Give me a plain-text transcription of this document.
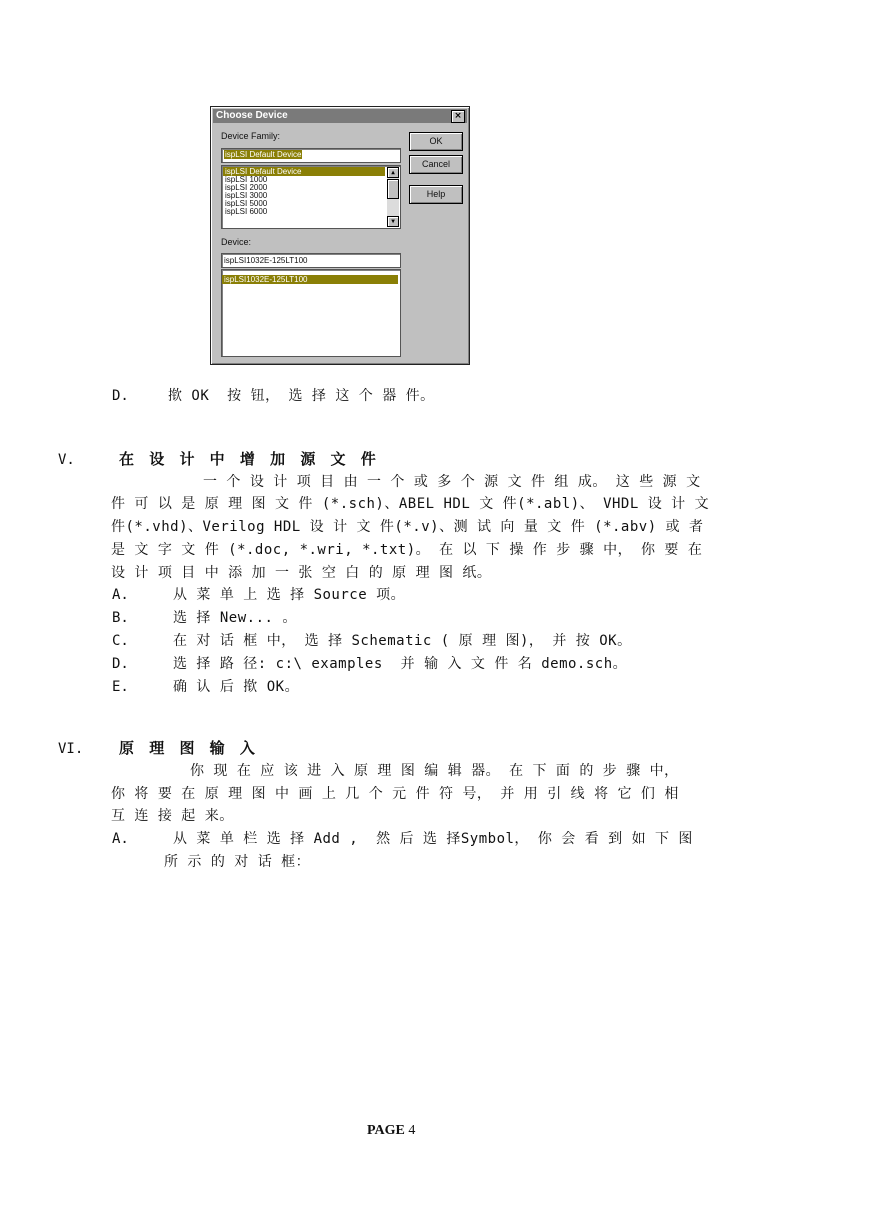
Choose Device	×
Device Family:
ispLSI Default Device
ispLSI Default Device
ispLSI 1000
ispLSI 2000
ispLSI 3000
ispLSI 5000
ispLSI 6000
▲
▼
Device:
ispLSI1032E-125LT100
ispLSI1032E-125LT100
OK
Cancel
Help
D.	揿 OK  按 钮， 选 择 这 个 器 件。
V.	在 设 计 中 增 加 源 文 件
一 个 设 计 项 目 由 一 个 或 多 个 源 文 件 组 成。 这 些 源 文
件 可 以 是 原 理 图 文 件 (*.sch)、ABEL HDL 文 件(*.abl)、 VHDL 设 计 文
件(*.vhd)、Verilog HDL 设 计 文 件(*.v)、测 试 向 量 文 件 (*.abv) 或 者
是 文 字 文 件 (*.doc, *.wri, *.txt)。 在 以 下 操 作 步 骤 中， 你 要 在
设 计 项 目 中 添 加 一 张 空 白 的 原 理 图 纸。
A.	从 菜 单 上 选 择 Source 项。
B.	选 择 New... 。
C.	在 对 话 框 中， 选 择 Schematic ( 原 理 图)， 并 按 OK。
D.	选 择 路 径: c:\ examples  并 输 入 文 件 名 demo.sch。
E.	确 认 后 揿 OK。
VI. 原 理 图 输 入
你 现 在 应 该 进 入 原 理 图 编 辑 器。 在 下 面 的 步 骤 中，
你 将 要 在 原 理 图 中 画 上 几 个 元 件 符 号， 并 用 引 线 将 它 们 相
互 连 接 起 来。
A.	从 菜 单 栏 选 择 Add ,  然 后 选 择Symbol， 你 会 看 到 如 下 图
所 示 的 对 话 框：
PAGE 4
